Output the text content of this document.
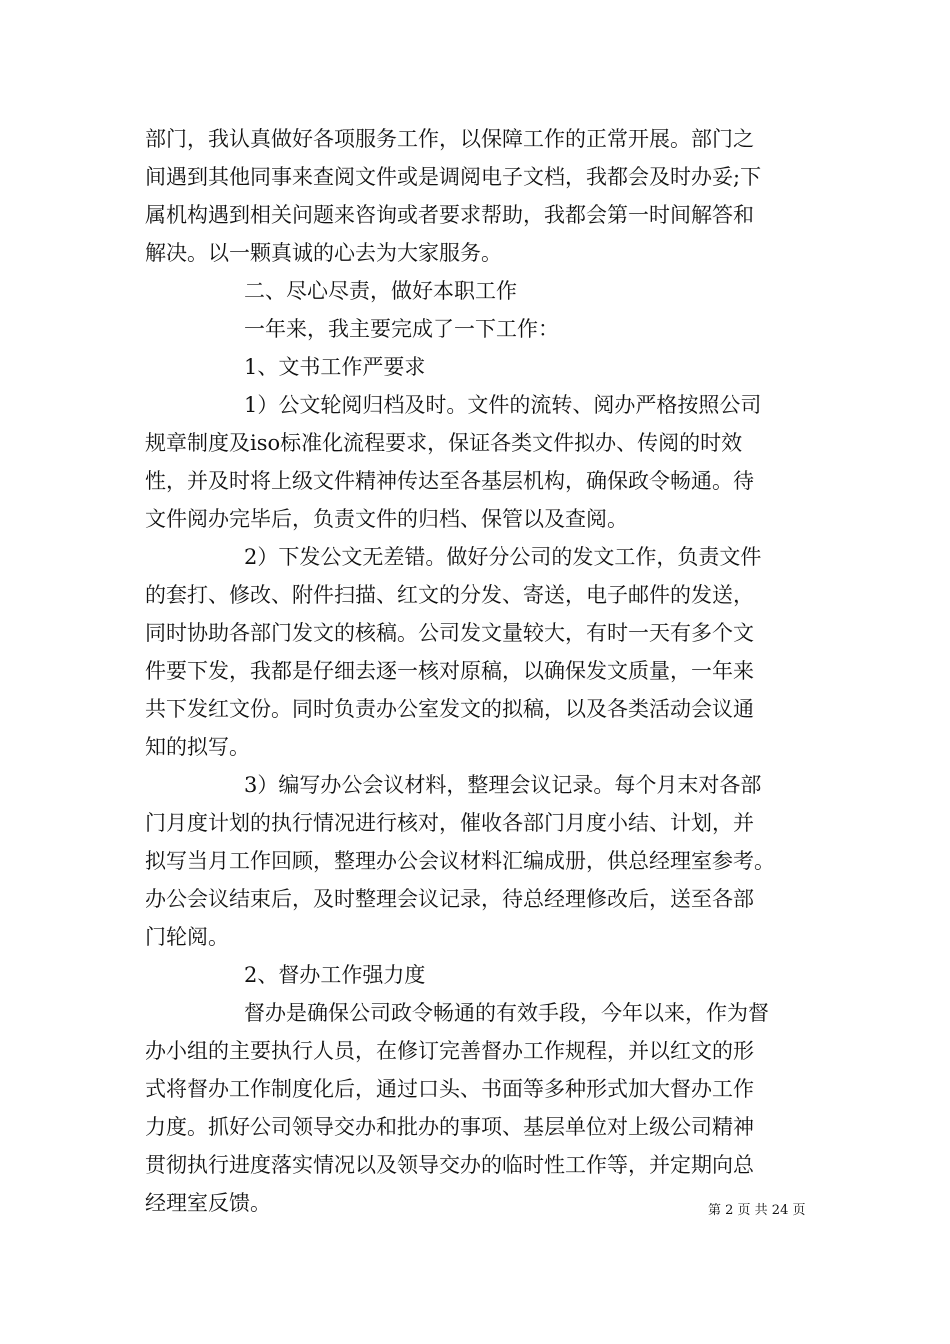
部门，我认真做好各项服务工作，以保障工作的正常开展。部门之
间遇到其他同事来查阅文件或是调阅电子文档，我都会及时办妥;下
属机构遇到相关问题来咨询或者要求帮助，我都会第一时间解答和
解决。以一颗真诚的心去为大家服务。
二、尽心尽责，做好本职工作
一年来，我主要完成了一下工作：
1、文书工作严要求
1）公文轮阅归档及时。文件的流转、阅办严格按照公司
规章制度及iso标准化流程要求，保证各类文件拟办、传阅的时效
性，并及时将上级文件精神传达至各基层机构，确保政令畅通。待
文件阅办完毕后，负责文件的归档、保管以及查阅。
2）下发公文无差错。做好分公司的发文工作，负责文件
的套打、修改、附件扫描、红文的分发、寄送，电子邮件的发送，
同时协助各部门发文的核稿。公司发文量较大，有时一天有多个文
件要下发，我都是仔细去逐一核对原稿，以确保发文质量，一年来
共下发红文份。同时负责办公室发文的拟稿，以及各类活动会议通
知的拟写。
3）编写办公会议材料，整理会议记录。每个月末对各部
门月度计划的执行情况进行核对，催收各部门月度小结、计划，并
拟写当月工作回顾，整理办公会议材料汇编成册，供总经理室参考。
办公会议结束后，及时整理会议记录，待总经理修改后，送至各部
门轮阅。
2、督办工作强力度
督办是确保公司政令畅通的有效手段，今年以来，作为督
办小组的主要执行人员，在修订完善督办工作规程，并以红文的形
式将督办工作制度化后，通过口头、书面等多种形式加大督办工作
力度。抓好公司领导交办和批办的事项、基层单位对上级公司精神
贯彻执行进度落实情况以及领导交办的临时性工作等，并定期向总
经理室反馈。	第 2 页 共 24 页
